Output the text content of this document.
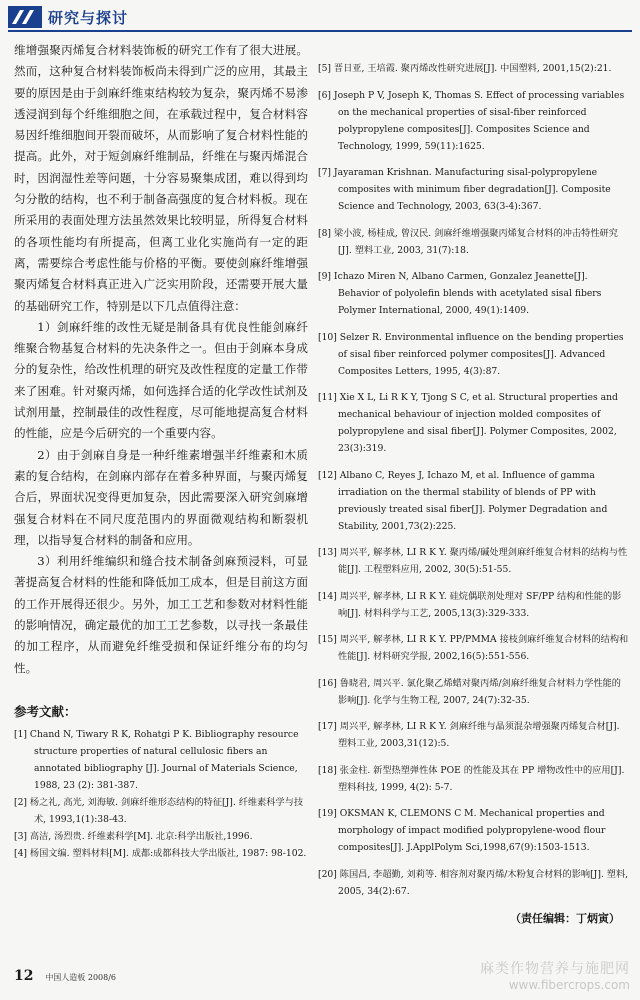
研究与探讨

维增强聚丙烯复合材料装饰板的研究工作有了很大进展。然而，这种复合材料装饰板尚未得到广泛的应用，其最主要的原因是由于剑麻纤维束结构较为复杂，聚丙烯不易渗透浸润到每个纤维细胞之间，在承载过程中，复合材料容易因纤维细胞间开裂而破坏，从而影响了复合材料性能的提高。此外，对于短剑麻纤维制品，纤维在与聚丙烯混合时，因润湿性差等问题，十分容易聚集成团，难以得到均匀分散的结构，也不利于制备高强度的复合材料板。现在所采用的表面处理方法虽然效果比较明显，所得复合材料的各项性能均有所提高，但离工业化实施尚有一定的距离，需要综合考虑性能与价格的平衡。要使剑麻纤维增强聚丙烯复合材料真正进入广泛实用阶段，还需要开展大量的基础研究工作，特别是以下几点值得注意：

1）剑麻纤维的改性无疑是制备具有优良性能剑麻纤维聚合物基复合材料的先决条件之一。但由于剑麻本身成分的复杂性，给改性机理的研究及改性程度的定量工作带来了困难。针对聚丙烯，如何选择合适的化学改性试剂及试剂用量，控制最佳的改性程度，尽可能地提高复合材料的性能，应是今后研究的一个重要内容。

2）由于剑麻自身是一种纤维素增强半纤维素和木质素的复合结构，在剑麻内部存在着多种界面，与聚丙烯复合后，界面状况变得更加复杂，因此需要深入研究剑麻增强复合材料在不同尺度范围内的界面微观结构和断裂机理，以指导复合材料的制备和应用。

3）利用纤维编织和缝合技术制备剑麻预浸料，可显著提高复合材料的性能和降低加工成本，但是目前这方面的工作开展得还很少。另外，加工工艺和参数对材料性能的影响情况，确定最优的加工工艺参数，以寻找一条最佳的加工程序，从而避免纤维受损和保证纤维分布的均匀性。

参考文献：

[1] Chand N, Tiwary R K, Rohatgi P K. Bibliography resource structure properties of natural cellulosic fibers an annotated bibliography [J]. Journal of Materials Science, 1988, 23 (2): 381-387.

[2] 杨之礼, 高光, 刘海敏. 剑麻纤维形态结构的特征[J]. 纤维素科学与技术, 1993,1(1):38-43.

[3] 高洁, 汤烈贵. 纤维素科学[M]. 北京:科学出版社,1996.

[4] 杨国文编. 塑料材料[M]. 成都:成都科技大学出版社, 1987: 98-102.

[5] 晋日亚, 王培霞. 聚丙烯改性研究进展[J]. 中国塑料, 2001,15(2):21.

[6] Joseph P V, Joseph K, Thomas S. Effect of processing variables on the mechanical properties of sisal-fiber reinforced polypropylene composites[J]. Composites Science and Technology, 1999, 59(11):1625.

[7] Jayaraman Krishnan. Manufacturing sisal-polypropylene composites with minimum fiber degradation[J]. Composite Science and Technology, 2003, 63(3-4):367.

[8] 梁小波, 杨桂成, 曾汉民. 剑麻纤维增强聚丙烯复合材料的冲击特性研究[J]. 塑料工业, 2003, 31(7):18.

[9] Ichazo Miren N, Albano Carmen, Gonzalez Jeanette[J]. Behavior of polyolefin blends with acetylated sisal fibers Polymer International, 2000, 49(1):1409.

[10] Selzer R. Environmental influence on the bending properties of sisal fiber reinforced polymer composites[J]. Advanced Composites Letters, 1995, 4(3):87.

[11] Xie X L, Li R K Y, Tjong S C, et al. Structural properties and mechanical behaviour of injection molded composites of polypropylene and sisal fiber[J]. Polymer Composites, 2002, 23(3):319.

[12] Albano C, Reyes J, Ichazo M, et al. Influence of gamma irradiation on the thermal stability of blends of PP with previously treated sisal fiber[J]. Polymer Degradation and Stability, 2001,73(2):225.

[13] 周兴平, 解孝林, LI R K Y. 聚丙烯/碱处理剑麻纤维复合材料的结构与性能[J]. 工程塑料应用, 2002, 30(5):51-55.

[14] 周兴平, 解孝林, LI R K Y. 硅烷偶联剂处理对 SF/PP 结构和性能的影响[J]. 材料科学与工艺, 2005,13(3):329-333.

[15] 周兴平, 解孝林, LI R K Y. PP/PMMA 接枝剑麻纤维复合材料的结构和性能[J]. 材料研究学报, 2002,16(5):551-556.

[16] 鲁晓君, 周兴平. 氯化聚乙烯蜡对聚丙烯/剑麻纤维复合材料力学性能的影响[J]. 化学与生物工程, 2007, 24(7):32-35.

[17] 周兴平, 解孝林, LI R K Y. 剑麻纤维与晶须混杂增强聚丙烯复合材[J]. 塑料工业, 2003,31(12):5.

[18] 张金柱. 新型热塑弹性体 POE 的性能及其在 PP 增物改性中的应用[J]. 塑料科技, 1999, 4(2): 5-7.

[19] OKSMAN K, CLEMONS C M. Mechanical properties and morphology of impact modified polypropylene-wood flour composites[J]. J.ApplPolym Sci,1998,67(9):1503-1513.

[20] 陈国昌, 李超勤, 刘莉等. 相容剂对聚丙烯/木粉复合材料的影响[J]. 塑料, 2005, 34(2):67.

（责任编辑：丁炳寅）
12 中国人造板 2008/6
麻类作物营养与施肥网
www.fibercrops.com
